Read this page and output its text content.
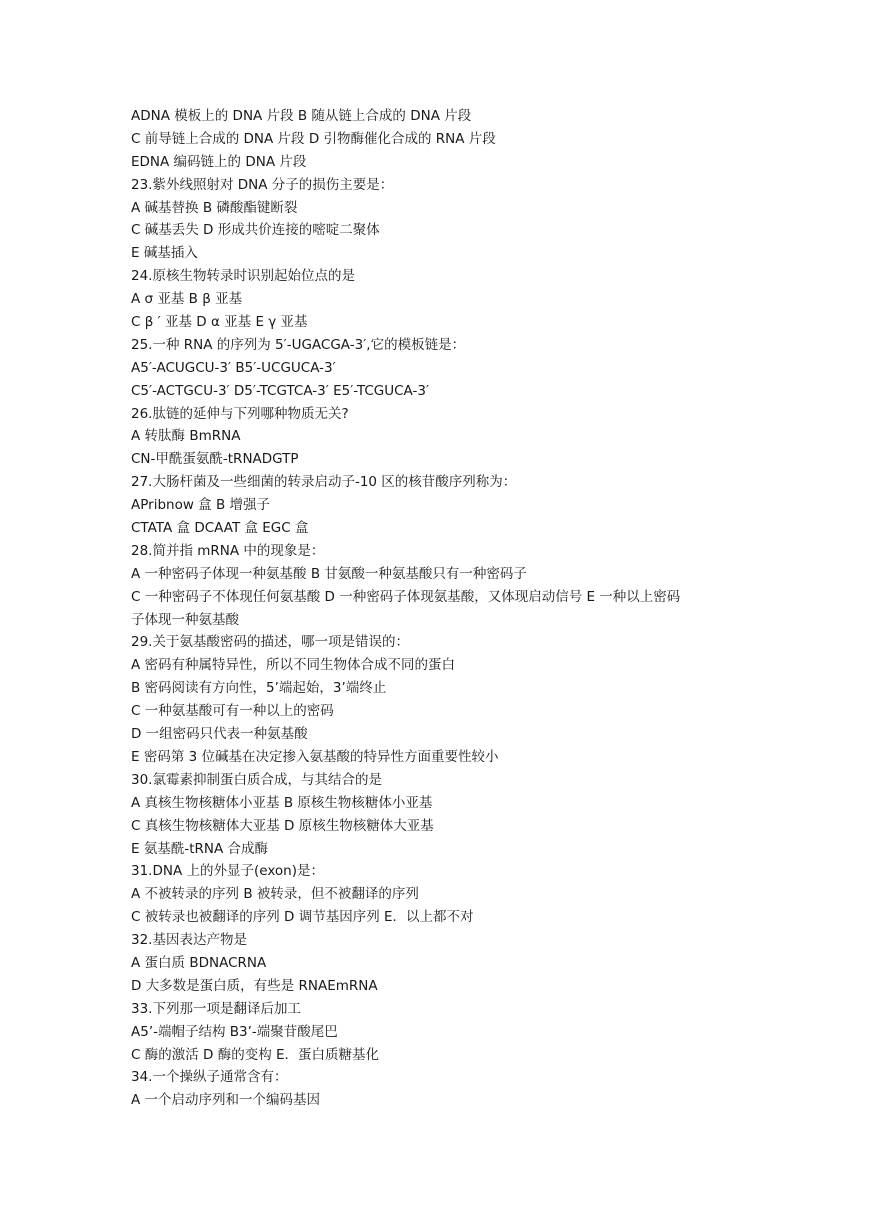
ADNA 模板上的 DNA 片段 B 随从链上合成的 DNA 片段
C 前导链上合成的 DNA 片段 D 引物酶催化合成的 RNA 片段
EDNA 编码链上的 DNA 片段
23.紫外线照射对 DNA 分子的损伤主要是：
A 碱基替换 B 磷酸酯键断裂
C 碱基丢失 D 形成共价连接的嘧啶二聚体
E 碱基插入
24.原核生物转录时识别起始位点的是
A σ 亚基 B β 亚基
C β ′ 亚基 D α 亚基 E γ 亚基
25.一种 RNA 的序列为 5′-UGACGA-3′,它的模板链是：
A5′-ACUGCU-3′ B5′-UCGUCA-3′
C5′-ACTGCU-3′ D5′-TCGTCA-3′ E5′-TCGUCA-3′
26.肽链的延伸与下列哪种物质无关?
A 转肽酶 BmRNA
CN-甲酰蛋氨酰-tRNADGTP
27.大肠杆菌及一些细菌的转录启动子-10 区的核苷酸序列称为：
APribnow 盒 B 增强子
CTATA 盒 DCAAT 盒 EGC 盒
28.简并指 mRNA 中的现象是：
A 一种密码子体现一种氨基酸 B 甘氨酸一种氨基酸只有一种密码子
C 一种密码子不体现任何氨基酸 D 一种密码子体现氨基酸，又体现启动信号 E 一种以上密码
子体现一种氨基酸
29.关于氨基酸密码的描述，哪一项是错误的：
A 密码有种属特异性，所以不同生物体合成不同的蛋白
B 密码阅读有方向性，5’端起始，3’端终止
C 一种氨基酸可有一种以上的密码
D 一组密码只代表一种氨基酸
E 密码第 3 位碱基在决定掺入氨基酸的特异性方面重要性较小
30.氯霉素抑制蛋白质合成，与其结合的是
A 真核生物核糖体小亚基 B 原核生物核糖体小亚基
C 真核生物核糖体大亚基 D 原核生物核糖体大亚基
E 氨基酰-tRNA 合成酶
31.DNA 上的外显子(exon)是：
A 不被转录的序列 B 被转录，但不被翻译的序列
C 被转录也被翻译的序列 D 调节基因序列 E．以上都不对
32.基因表达产物是
A 蛋白质 BDNACRNA
D 大多数是蛋白质，有些是 RNAEmRNA
33.下列那一项是翻译后加工
A5’-端帽子结构 B3’-端聚苷酸尾巴
C 酶的激活 D 酶的变构 E．蛋白质糖基化
34.一个操纵子通常含有：
A 一个启动序列和一个编码基因
